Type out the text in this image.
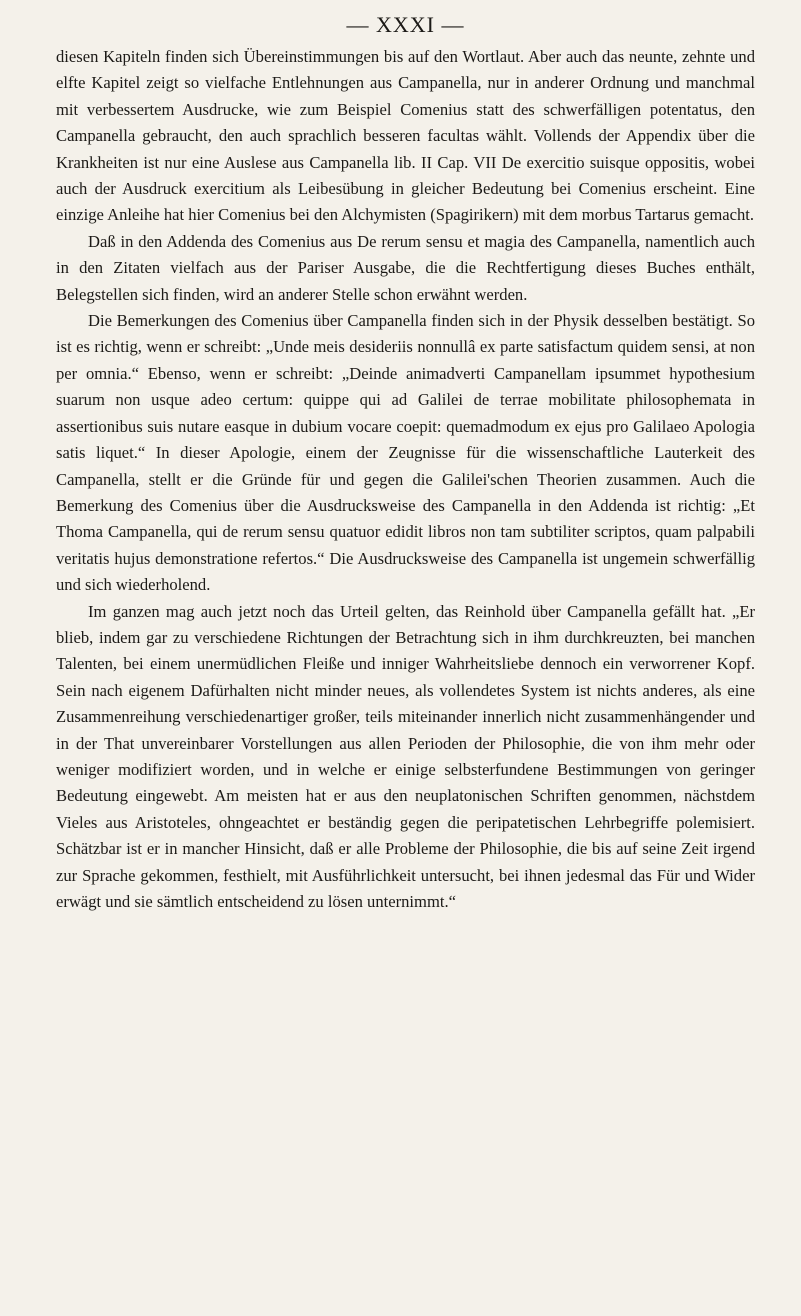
— XXXI —

diesen Kapiteln finden sich Übereinstimmungen bis auf den Wortlaut. Aber auch das neunte, zehnte und elfte Kapitel zeigt so vielfache Entlehnungen aus Campanella, nur in anderer Ordnung und manchmal mit verbessertem Ausdrucke, wie zum Beispiel Comenius statt des schwerfälligen potentatus, den Campanella gebraucht, den auch sprachlich besseren facultas wählt. Vollends der Appendix über die Krankheiten ist nur eine Auslese aus Campanella lib. II Cap. VII De exercitio suisque oppositis, wobei auch der Ausdruck exercitium als Leibesübung in gleicher Bedeutung bei Comenius erscheint. Eine einzige Anleihe hat hier Comenius bei den Alchymisten (Spagirikern) mit dem morbus Tartarus gemacht.

Daß in den Addenda des Comenius aus De rerum sensu et magia des Campanella, namentlich auch in den Zitaten vielfach aus der Pariser Ausgabe, die die Rechtfertigung dieses Buches enthält, Belegstellen sich finden, wird an anderer Stelle schon erwähnt werden.

Die Bemerkungen des Comenius über Campanella finden sich in der Physik desselben bestätigt. So ist es richtig, wenn er schreibt: „Unde meis desideriis nonnullâ ex parte satisfactum quidem sensi, at non per omnia.“ Ebenso, wenn er schreibt: „Deinde animadverti Campanellam ipsummet hypothesium suarum non usque adeo certum: quippe qui ad Galilei de terrae mobilitate philosophemata in assertionibus suis nutare easque in dubium vocare coepit: quemadmodum ex ejus pro Galilaeo Apologia satis liquet.“ In dieser Apologie, einem der Zeugnisse für die wissenschaftliche Lauterkeit des Campanella, stellt er die Gründe für und gegen die Galilei'schen Theorien zusammen. Auch die Bemerkung des Comenius über die Ausdrucksweise des Campanella in den Addenda ist richtig: „Et Thoma Campanella, qui de rerum sensu quatuor edidit libros non tam subtiliter scriptos, quam palpabili veritatis hujus demonstratione refertos.“ Die Ausdrucksweise des Campanella ist ungemein schwerfällig und sich wiederholend.

Im ganzen mag auch jetzt noch das Urteil gelten, das Reinhold über Campanella gefällt hat. „Er blieb, indem gar zu verschiedene Richtungen der Betrachtung sich in ihm durchkreuzten, bei manchen Talenten, bei einem unermüdlichen Fleiße und inniger Wahrheitsliebe dennoch ein verworrener Kopf. Sein nach eigenem Dafürhalten nicht minder neues, als vollendetes System ist nichts anderes, als eine Zusammenreihung verschiedenartiger großer, teils miteinander innerlich nicht zusammenhängender und in der That unvereinbarer Vorstellungen aus allen Perioden der Philosophie, die von ihm mehr oder weniger modifiziert worden, und in welche er einige selbsterfundene Bestimmungen von geringer Bedeutung eingewebt. Am meisten hat er aus den neuplatonischen Schriften genommen, nächstdem Vieles aus Aristoteles, ohngeachtet er beständig gegen die peripatetischen Lehrbegriffe polemisiert. Schätzbar ist er in mancher Hinsicht, daß er alle Probleme der Philosophie, die bis auf seine Zeit irgend zur Sprache gekommen, festhielt, mit Ausführlichkeit untersucht, bei ihnen jedesmal das Für und Wider erwägt und sie sämtlich entscheidend zu lösen unternimmt.“
